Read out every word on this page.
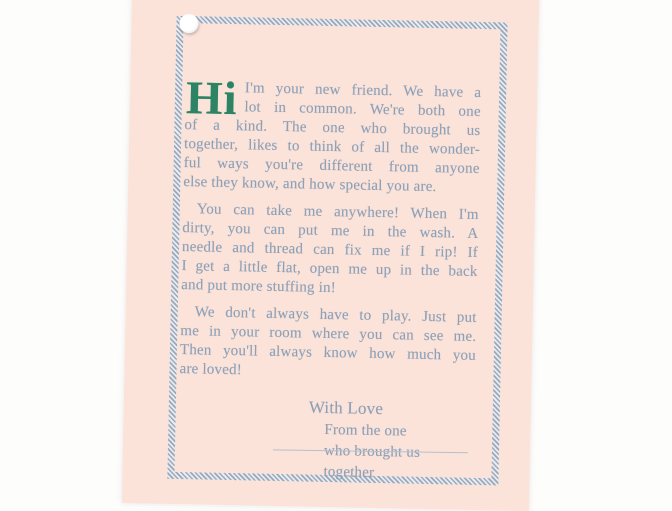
Hi I'm your new friend. We have a
lot in common. We're both one
of a kind. The one who brought us
together, likes to think of all the wonder-
ful ways you're different from anyone
else they know, and how special you are.

You can take me anywhere! When I'm
dirty, you can put me in the wash. A
needle and thread can fix me if I rip! If
I get a little flat, open me up in the back
and put more stuffing in!

We don't always have to play. Just put
me in your room where you can see me.
Then you'll always know how much you
are loved!

With Love
From the one
who brought us together
